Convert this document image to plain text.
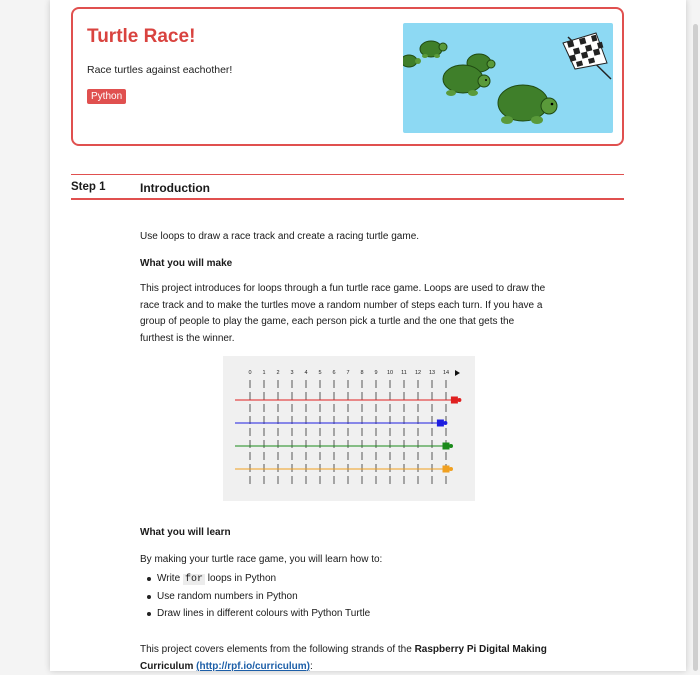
Turtle Race!

Race turtles against eachother!

Python
Step 1	Introduction

Use loops to draw a race track and create a racing turtle game.

What you will make

This project introduces for loops through a fun turtle race game. Loops are used to draw the race track and to make the turtles move a random number of steps each turn. If you have a group of people to play the game, each person pick a turtle and the one that gets the furthest is the winner.

0 1 2 3 4 5 6 7 8 9 10 11 12 13 14

What you will learn

By making your turtle race game, you will learn how to:

Write for loops in Python
Use random numbers in Python
Draw lines in different colours with Python Turtle

This project covers elements from the following strands of the Raspberry Pi Digital Making Curriculum (http://rpf.io/curriculum):
